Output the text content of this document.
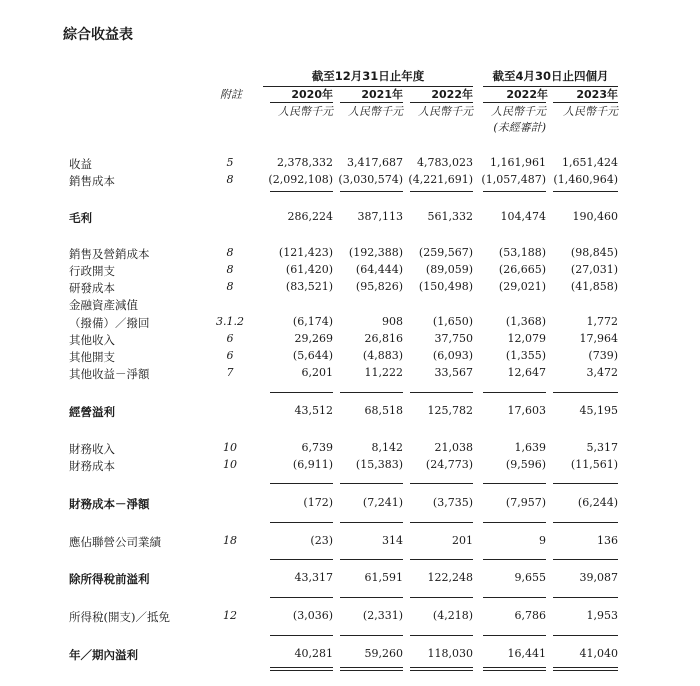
綜合收益表
截至12月31日止年度	截至4月30日止四個月
附註	2020年	2021年	2022年	2022年	2023年
人民幣千元	人民幣千元	人民幣千元	人民幣千元	人民幣千元
(未經審計)
收益	5	2,378,332	3,417,687	4,783,023	1,161,961	1,651,424
銷售成本	8	(2,092,108) (3,030,574) (4,221,691) (1,057,487) (1,460,964)
毛利	286,224	387,113	561,332	104,474	190,460
銷售及營銷成本	8	(121,423)	(192,388)	(259,567)	(53,188)	(98,845)
行政開支	8	(61,420)	(64,444)	(89,059)	(26,665)	(27,031)
研發成本	8	(83,521)	(95,826)	(150,498)	(29,021)	(41,858)
金融資產減值
（撥備）／撥回	3.1.2	(6,174)	908	(1,650)	(1,368)	1,772
其他收入	6	29,269	26,816	37,750	12,079	17,964
其他開支	6	(5,644)	(4,883)	(6,093)	(1,355)	(739)
其他收益－淨額	7	6,201	11,222	33,567	12,647	3,472
經營溢利	43,512	68,518	125,782	17,603	45,195
財務收入	10	6,739	8,142	21,038	1,639	5,317
財務成本	10	(6,911)	(15,383)	(24,773)	(9,596)	(11,561)
財務成本－淨額	(172)	(7,241)	(3,735)	(7,957)	(6,244)
應佔聯營公司業績	18	(23)	314	201	9	136
除所得稅前溢利	43,317	61,591	122,248	9,655	39,087
所得稅(開支)／抵免	12	(3,036)	(2,331)	(4,218)	6,786	1,953
年／期內溢利	40,281	59,260	118,030	16,441	41,040
